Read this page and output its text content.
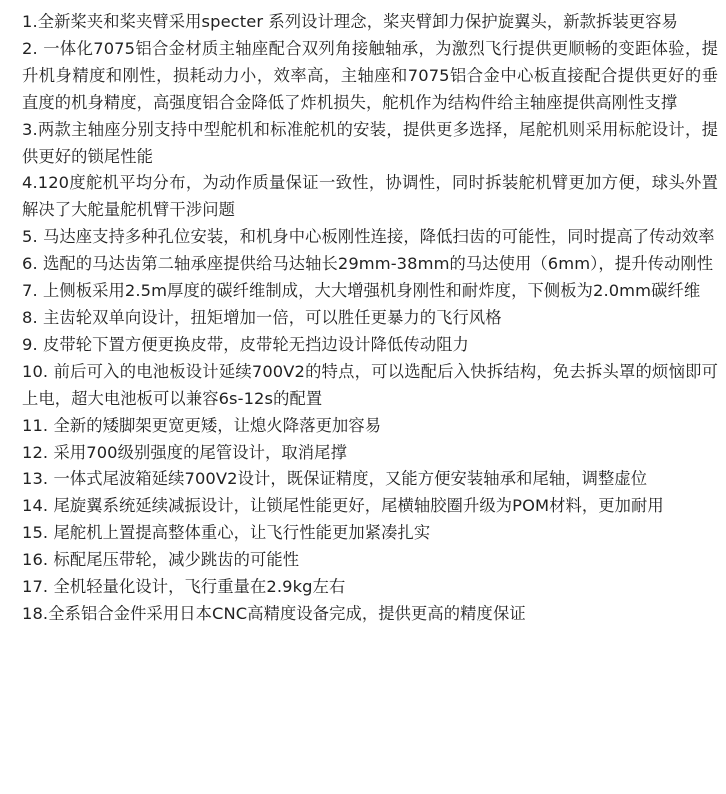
1.全新桨夹和桨夹臂采用specter 系列设计理念，桨夹臂卸力保护旋翼头，新款拆装更容易
2. 一体化7075铝合金材质主轴座配合双列角接触轴承，为激烈飞行提供更顺畅的变距体验，提升机身精度和刚性，损耗动力小，效率高，主轴座和7075铝合金中心板直接配合提供更好的垂直度的机身精度，高强度铝合金降低了炸机损失，舵机作为结构件给主轴座提供高刚性支撑
3.两款主轴座分别支持中型舵机和标准舵机的安装，提供更多选择，尾舵机则采用标舵设计，提供更好的锁尾性能
4.120度舵机平均分布，为动作质量保证一致性，协调性，同时拆装舵机臂更加方便，球头外置解决了大舵量舵机臂干涉问题
5. 马达座支持多种孔位安装，和机身中心板刚性连接，降低扫齿的可能性，同时提高了传动效率
6. 选配的马达齿第二轴承座提供给马达轴长29mm-38mm的马达使用（6mm），提升传动刚性
7. 上侧板采用2.5m厚度的碳纤维制成，大大增强机身刚性和耐炸度，下侧板为2.0mm碳纤维
8. 主齿轮双单向设计，扭矩增加一倍，可以胜任更暴力的飞行风格
9. 皮带轮下置方便更换皮带，皮带轮无挡边设计降低传动阻力
10. 前后可入的电池板设计延续700V2的特点，可以选配后入快拆结构，免去拆头罩的烦恼即可上电，超大电池板可以兼容6s-12s的配置
11. 全新的矮脚架更宽更矮，让熄火降落更加容易
12. 采用700级别强度的尾管设计，取消尾撑
13. 一体式尾波箱延续700V2设计，既保证精度，又能方便安装轴承和尾轴，调整虚位
14. 尾旋翼系统延续减振设计，让锁尾性能更好，尾横轴胶圈升级为POM材料，更加耐用
15. 尾舵机上置提高整体重心，让飞行性能更加紧凑扎实
16. 标配尾压带轮，减少跳齿的可能性
17. 全机轻量化设计，飞行重量在2.9kg左右
18.全系铝合金件采用日本CNC高精度设备完成，提供更高的精度保证
